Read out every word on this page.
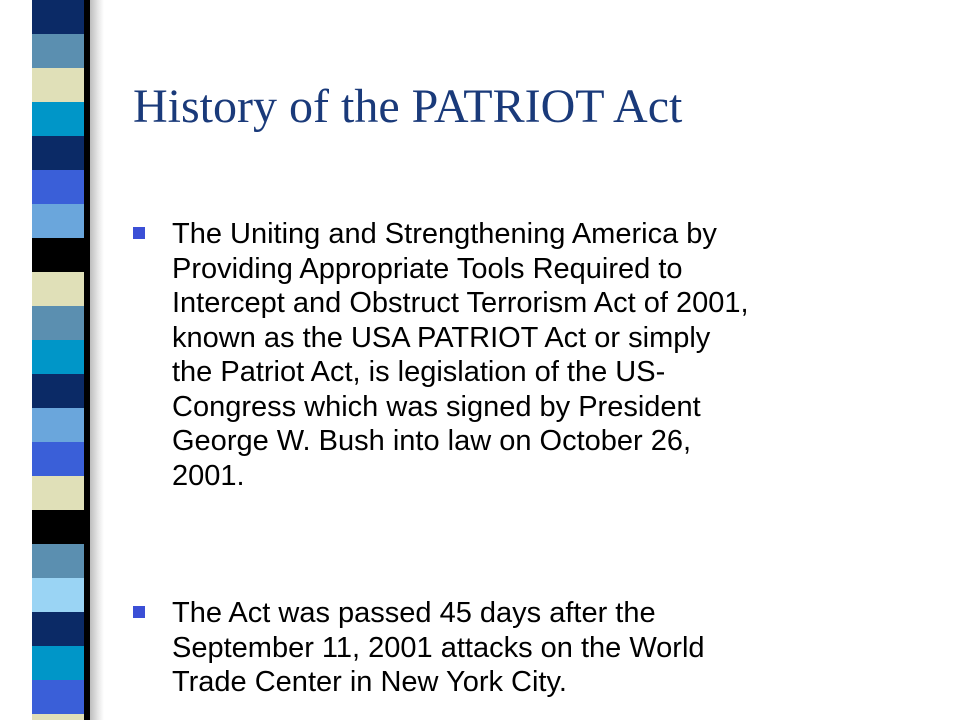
History of the PATRIOT Act
The Uniting and Strengthening America by
Providing Appropriate Tools Required to
Intercept and Obstruct Terrorism Act of 2001,
known as the USA PATRIOT Act or simply
the Patriot Act, is legislation of the US-
Congress which was signed by President
George W. Bush into law on October 26,
2001.
The Act was passed 45 days after the
September 11, 2001 attacks on the World
Trade Center in New York City.
